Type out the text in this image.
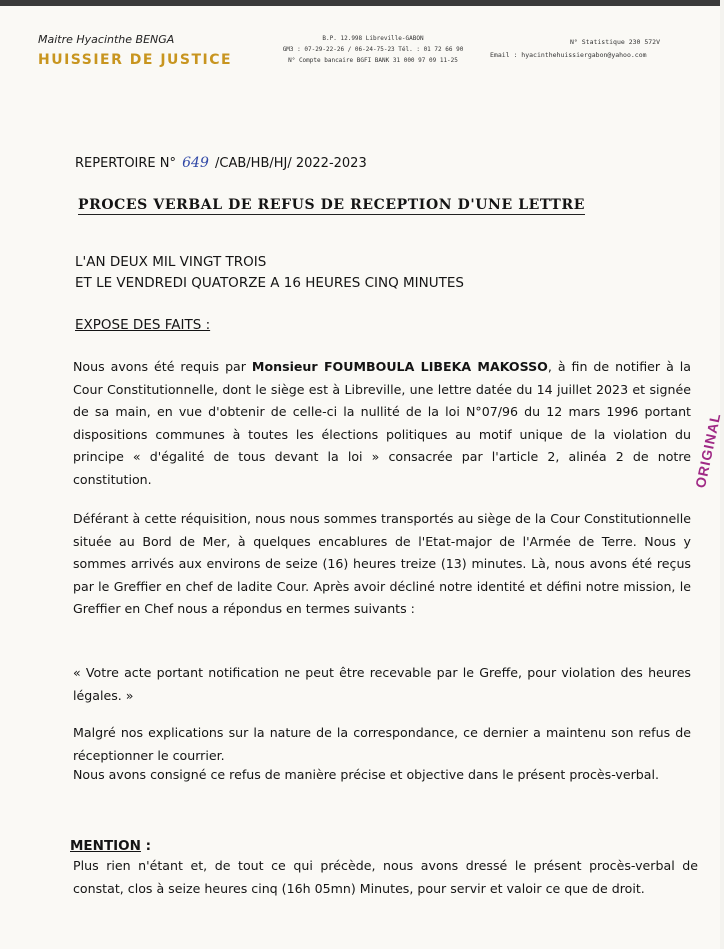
Maitre Hyacinthe BENGA
HUISSIER DE JUSTICE
B.P. 12.998 Libreville-GABON
GM3 : 07-29-22-26 / 06-24-75-23 Tél. : 01 72 66 90
N° Compte bancaire BGFI BANK 31 000 97 09 11-25
N° Statistique 230 572V
Email : hyacinthehuissiergabon@yahoo.com
REPERTOIRE N° 649 /CAB/HB/HJ/ 2022-2023
PROCES VERBAL DE REFUS DE RECEPTION D'UNE LETTRE
L'AN DEUX MIL VINGT TROIS
ET LE VENDREDI QUATORZE A 16 HEURES CINQ MINUTES
EXPOSE DES FAITS :
Nous avons été requis par Monsieur FOUMBOULA LIBEKA MAKOSSO, à fin de notifier à la Cour Constitutionnelle, dont le siège est à Libreville, une lettre datée du 14 juillet 2023 et signée de sa main, en vue d'obtenir de celle-ci la nullité de la loi N°07/96 du 12 mars 1996 portant dispositions communes à toutes les élections politiques au motif unique de la violation du principe « d'égalité de tous devant la loi » consacrée par l'article 2, alinéa 2 de notre constitution.
Déférant à cette réquisition, nous nous sommes transportés au siège de la Cour Constitutionnelle située au Bord de Mer, à quelques encablures de l'Etat-major de l'Armée de Terre. Nous y sommes arrivés aux environs de seize (16) heures treize (13) minutes. Là, nous avons été reçus par le Greffier en chef de ladite Cour. Après avoir décliné notre identité et défini notre mission, le Greffier en Chef nous a répondus en termes suivants :
« Votre acte portant notification ne peut être recevable par le Greffe, pour violation des heures légales. »
Malgré nos explications sur la nature de la correspondance, ce dernier a maintenu son refus de réceptionner le courrier.
Nous avons consigné ce refus de manière précise et objective dans le présent procès-verbal.
MENTION :
Plus rien n'étant et, de tout ce qui précède, nous avons dressé le présent procès-verbal de constat, clos à seize heures cinq (16h 05mn) Minutes, pour servir et valoir ce que de droit.
ORIGINAL
